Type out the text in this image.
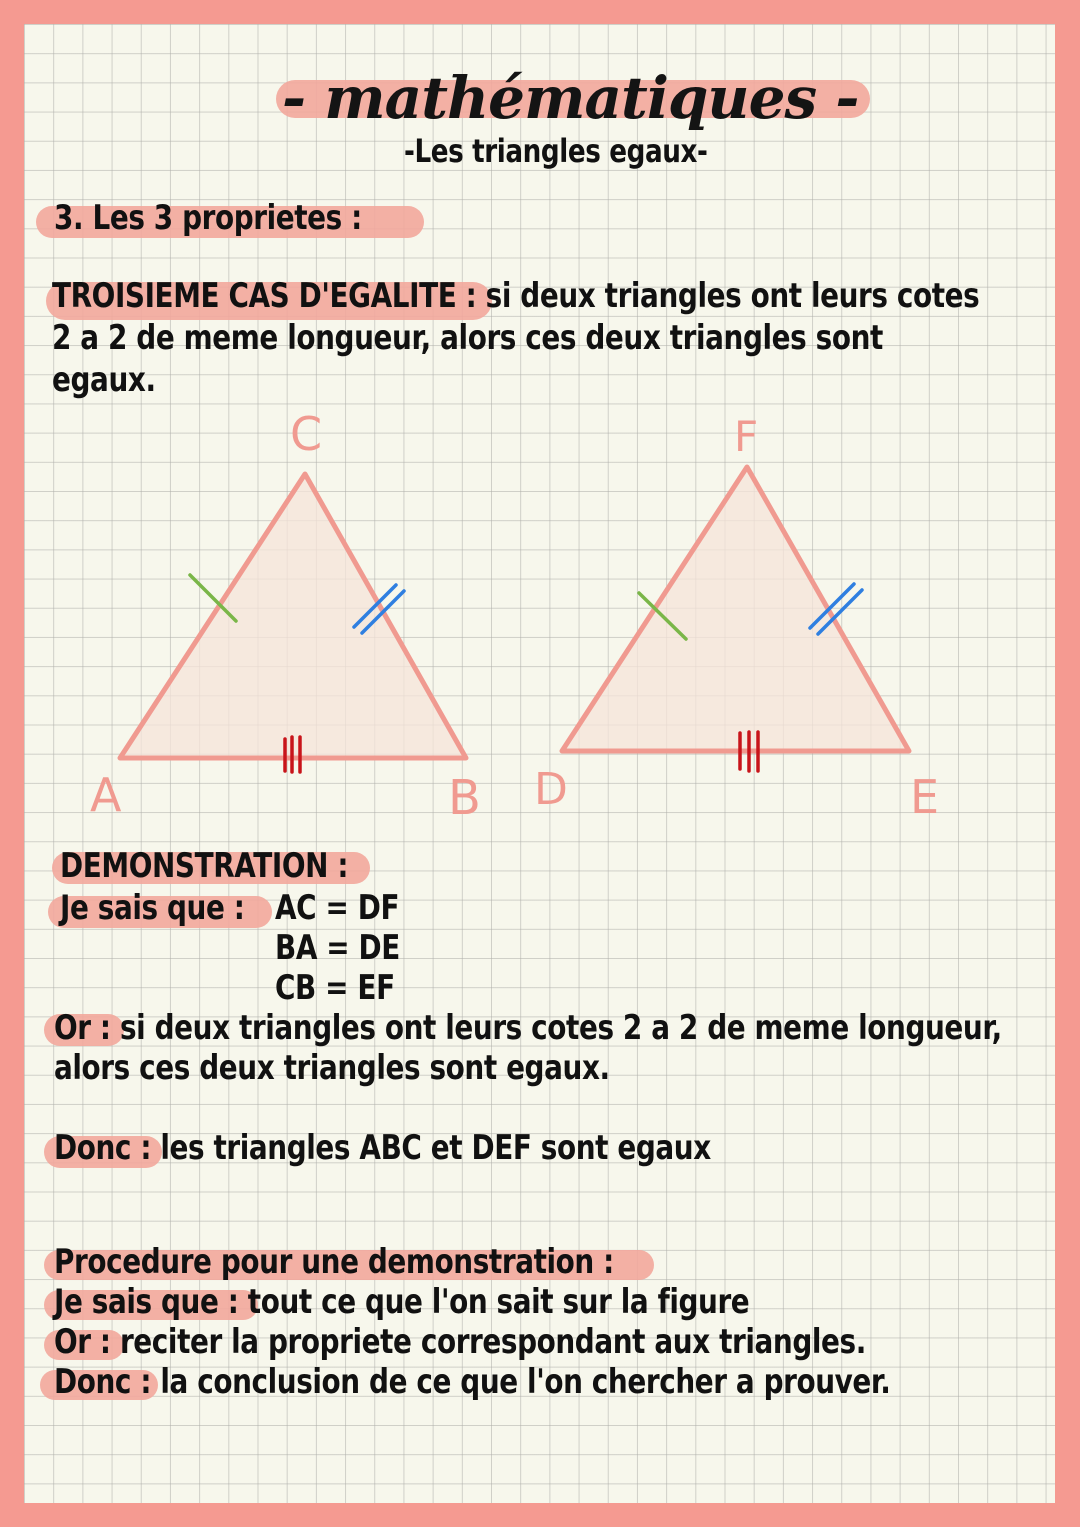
- mathématiques -
-Les triangles egaux-
3. Les 3 proprietes :
TROISIEME CAS D'EGALITE : si deux triangles ont leurs cotes
2 a 2 de meme longueur, alors ces deux triangles sont
egaux.
C
A	B
F
D	E
DEMONSTRATION :
Je sais que : AC = DF
BA = DE
CB = EF
Or : si deux triangles ont leurs cotes 2 a 2 de meme longueur,
alors ces deux triangles sont egaux.
Donc : les triangles ABC et DEF sont egaux
Procedure pour une demonstration :
Je sais que : tout ce que l'on sait sur la figure
Or : reciter la propriete correspondant aux triangles.
Donc : la conclusion de ce que l'on chercher a prouver.
